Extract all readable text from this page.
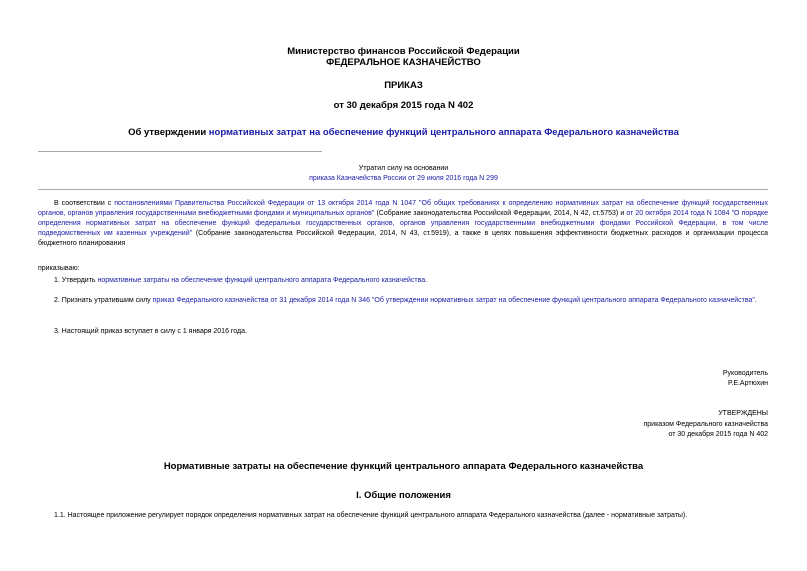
Министерство финансов Российской Федерации
ФЕДЕРАЛЬНОЕ КАЗНАЧЕЙСТВО
ПРИКАЗ
от 30 декабря 2015 года N 402
Об утверждении нормативных затрат на обеспечение функций центрального аппарата Федерального казначейства
Утратил силу на основании
приказа Казначейства России от 29 июля 2016 года N 299
В соответствии с постановлениями Правительства Российской Федерации от 13 октября 2014 года N 1047 "Об общих требованиях к определению нормативных затрат на обеспечение функций государственных органов, органов управления государственными внебюджетными фондами и муниципальных органов" (Собрание законодательства Российской Федерации, 2014, N 42, ст.5753) и от 20 октября 2014 года N 1084 "О порядке определения нормативных затрат на обеспечение функций федеральных государственных органов, органов управления государственными внебюджетными фондами Российской Федерации, в том числе подведомственных им казенных учреждений" (Собрание законодательства Российской Федерации, 2014, N 43, ст.5919), а также в целях повышения эффективности бюджетных расходов и организации процесса бюджетного планирования
приказываю:
1. Утвердить нормативные затраты на обеспечение функций центрального аппарата Федерального казначейства.
2. Признать утратившим силу приказ Федерального казначейства от 31 декабря 2014 года N 346 "Об утверждении нормативных затрат на обеспечение функций центрального аппарата Федерального казначейства".
3. Настоящий приказ вступает в силу с 1 января 2016 года.
Руководитель
Р.Е.Артюхин
УТВЕРЖДЕНЫ
приказом Федерального казначейства
от 30 декабря 2015 года N 402
Нормативные затраты на обеспечение функций центрального аппарата Федерального казначейства
I. Общие положения
1.1. Настоящее приложение регулирует порядок определения нормативных затрат на обеспечение функций центрального аппарата Федерального казначейства (далее - нормативные затраты).
